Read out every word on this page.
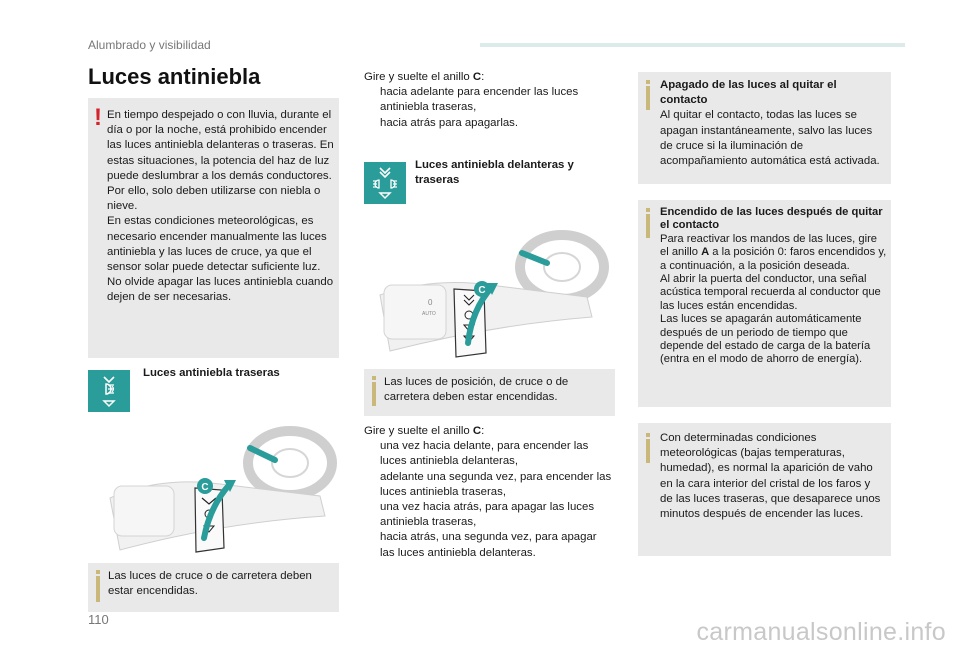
Alumbrado y visibilidad
Luces antiniebla
! En tiempo despejado o con lluvia, durante el día o por la noche, está prohibido encender las luces antiniebla delanteras o traseras. En estas situaciones, la potencia del haz de luz puede deslumbrar a los demás conductores. Por ello, solo deben utilizarse con niebla o nieve.

En estas condiciones meteorológicas, es necesario encender manualmente las luces antiniebla y las luces de cruce, ya que el sensor solar puede detectar suficiente luz.

No olvide apagar las luces antiniebla cuando dejen de ser necesarias.

Luces antiniebla traseras
C
Las luces de cruce o de carretera deben estar encendidas.
Gire y suelte el anillo C:
hacia adelante para encender las luces antiniebla traseras,
hacia atrás para apagarlas.
Luces antiniebla delanteras y traseras
0
AUTO
C
Las luces de posición, de cruce o de carretera deben estar encendidas.
Gire y suelte el anillo C:
una vez hacia delante, para encender las luces antiniebla delanteras,
adelante una segunda vez, para encender las luces antiniebla traseras,
una vez hacia atrás, para apagar las luces antiniebla traseras,
hacia atrás, una segunda vez, para apagar las luces antiniebla delanteras.

Apagado de las luces al quitar el contacto

Al quitar el contacto, todas las luces se apagan instantáneamente, salvo las luces de cruce si la iluminación de acompañamiento automática está activada.

Encendido de las luces después de quitar el contacto

Para reactivar los mandos de las luces, gire el anillo A a la posición 0: faros encendidos y, a continuación, a la posición deseada.

Al abrir la puerta del conductor, una señal acústica temporal recuerda al conductor que las luces están encendidas.

Las luces se apagarán automáticamente después de un periodo de tiempo que depende del estado de carga de la batería (entra en el modo de ahorro de energía).

Con determinadas condiciones meteorológicas (bajas temperaturas, humedad), es normal la aparición de vaho en la cara interior del cristal de los faros y de las luces traseras, que desaparece unos minutos después de encender las luces.
110	carmanualsonline.info
